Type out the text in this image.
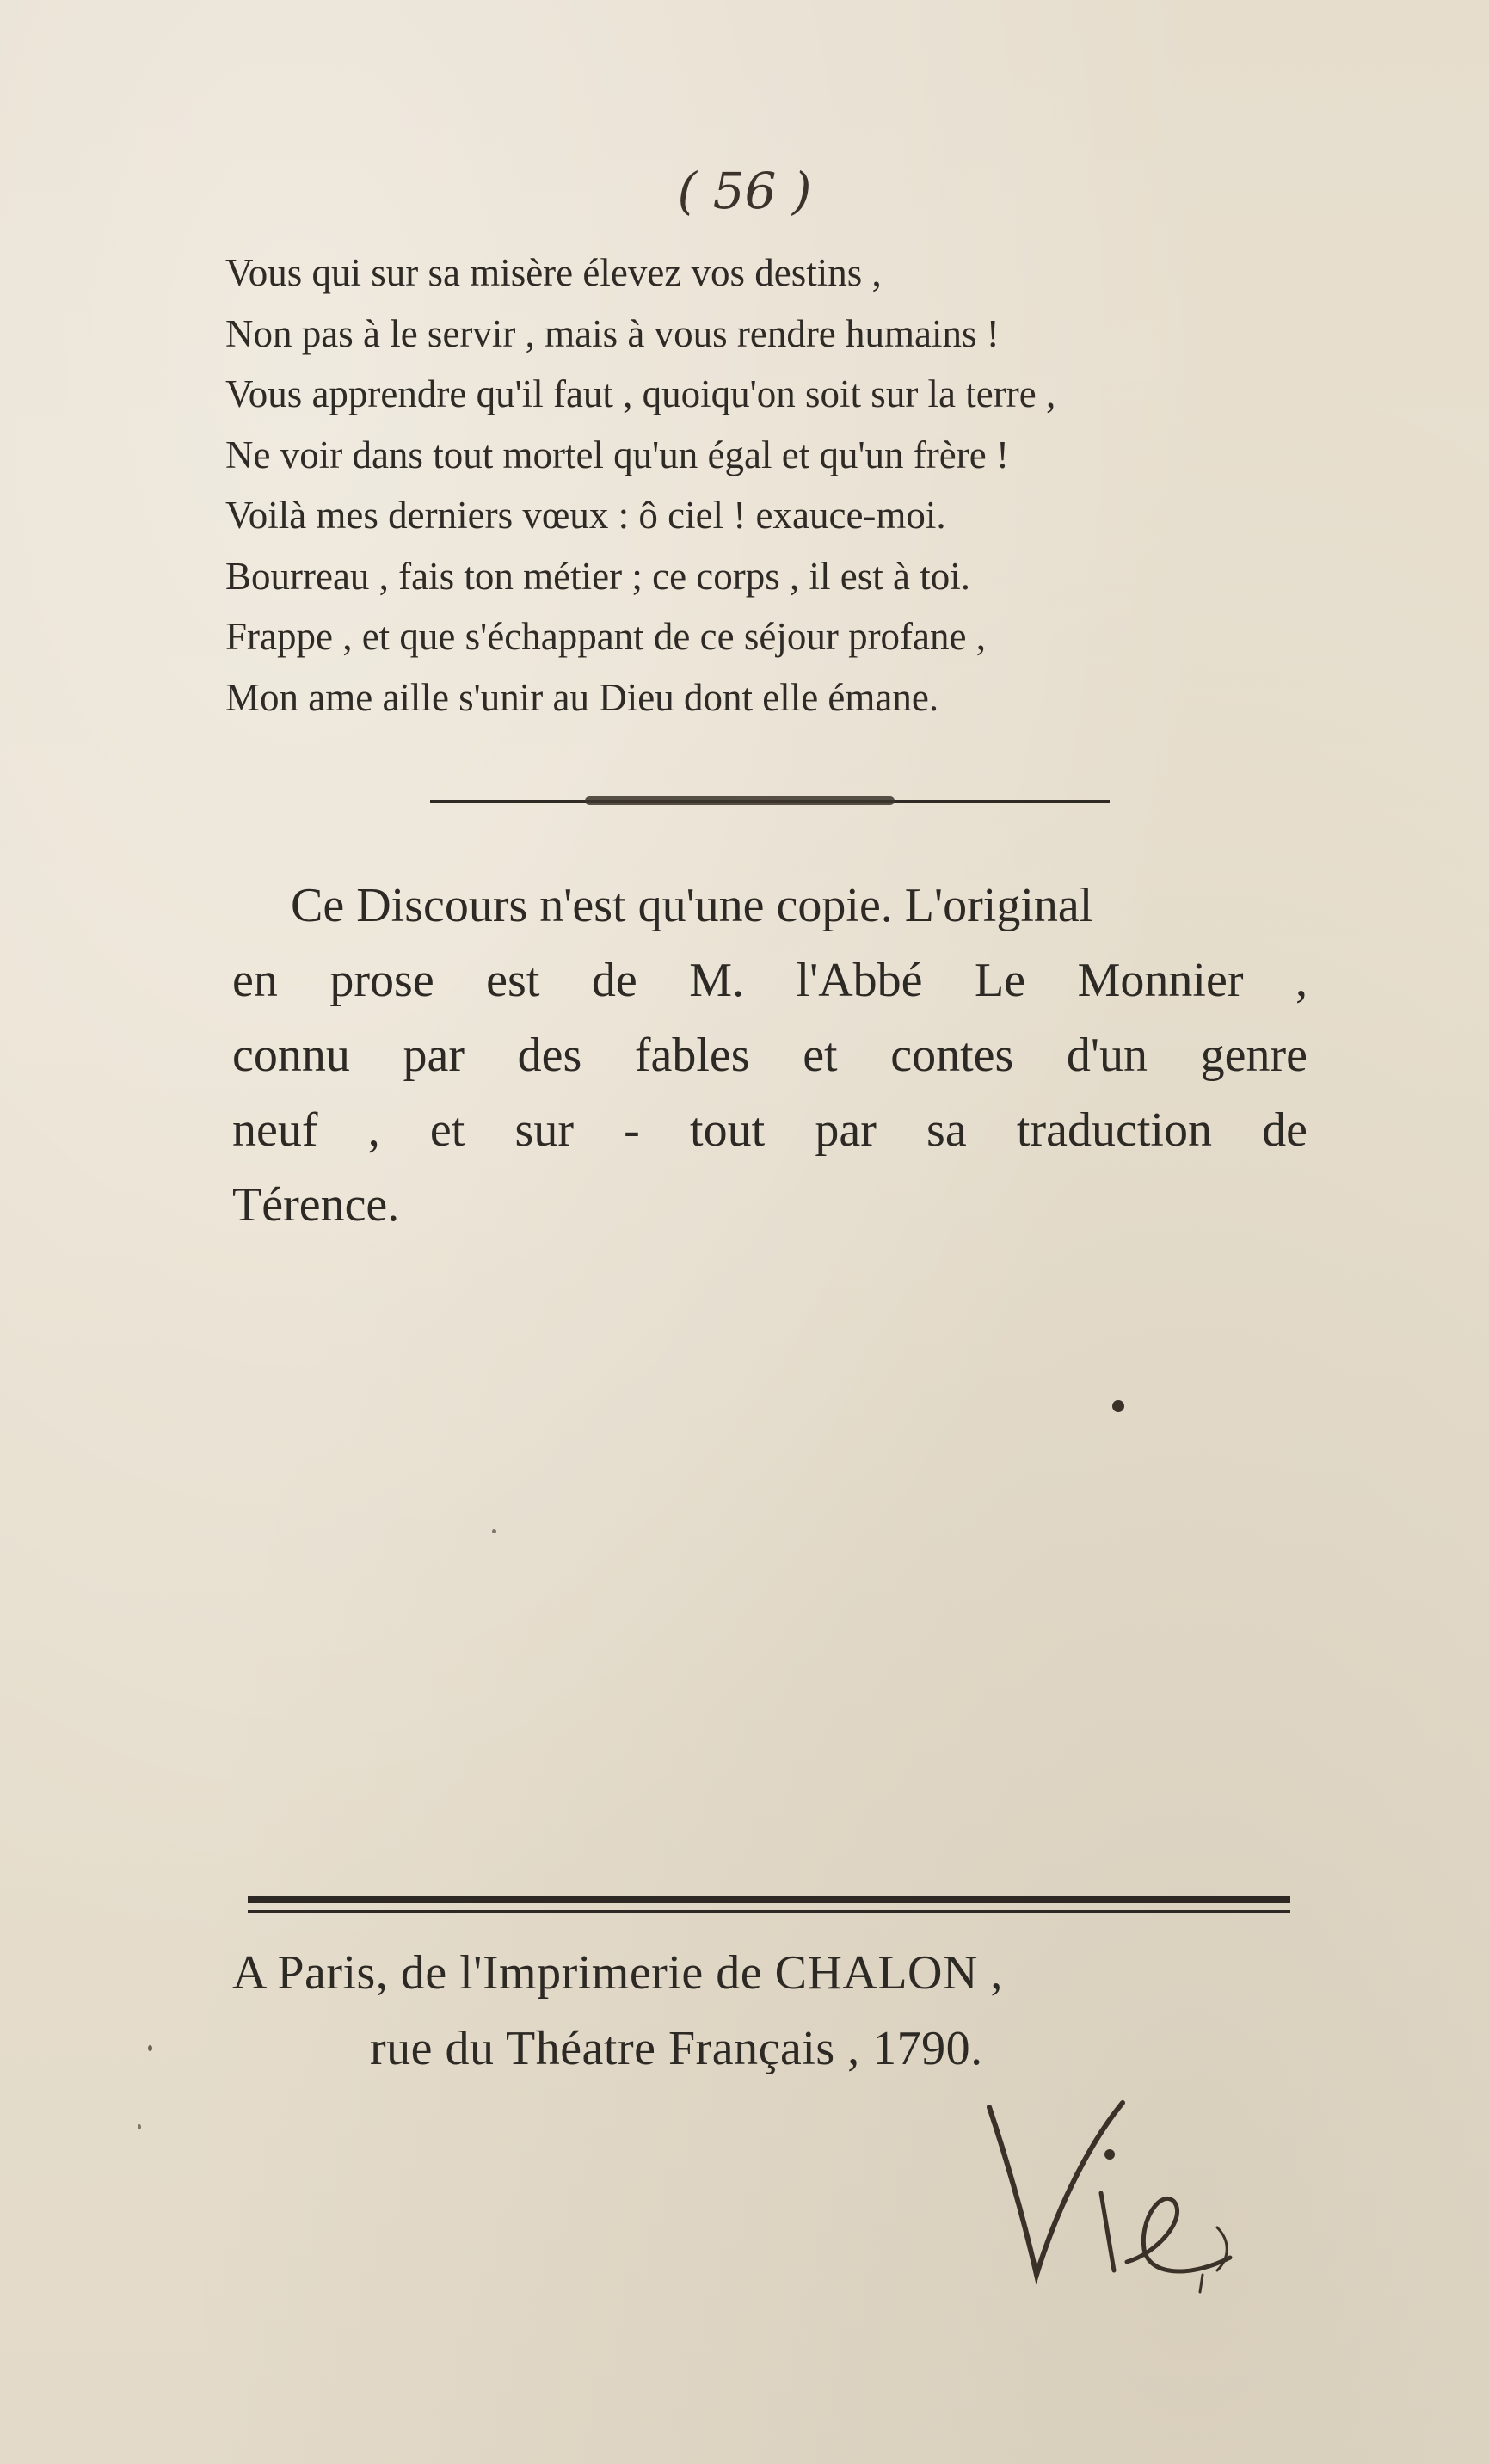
( 56 )
Vous qui sur sa misère élevez vos destins ,
Non pas à le servir , mais à vous rendre humains !
Vous apprendre qu'il faut , quoiqu'on soit sur la terre ,
Ne voir dans tout mortel qu'un égal et qu'un frère !
Voilà mes derniers vœux : ô ciel ! exauce-moi.
Bourreau , fais ton métier ; ce corps , il est à toi.
Frappe , et que s'échappant de ce séjour profane ,
Mon ame aille s'unir au Dieu dont elle émane.
Ce Discours n'est qu'une copie. L'original
en prose est de M. l'Abbé Le Monnier ,
connu par des fables et contes d'un genre
neuf , et sur - tout par sa traduction de
Térence.
A Paris, de l'Imprimerie de CHALON ,
rue du Théatre Français , 1790.
